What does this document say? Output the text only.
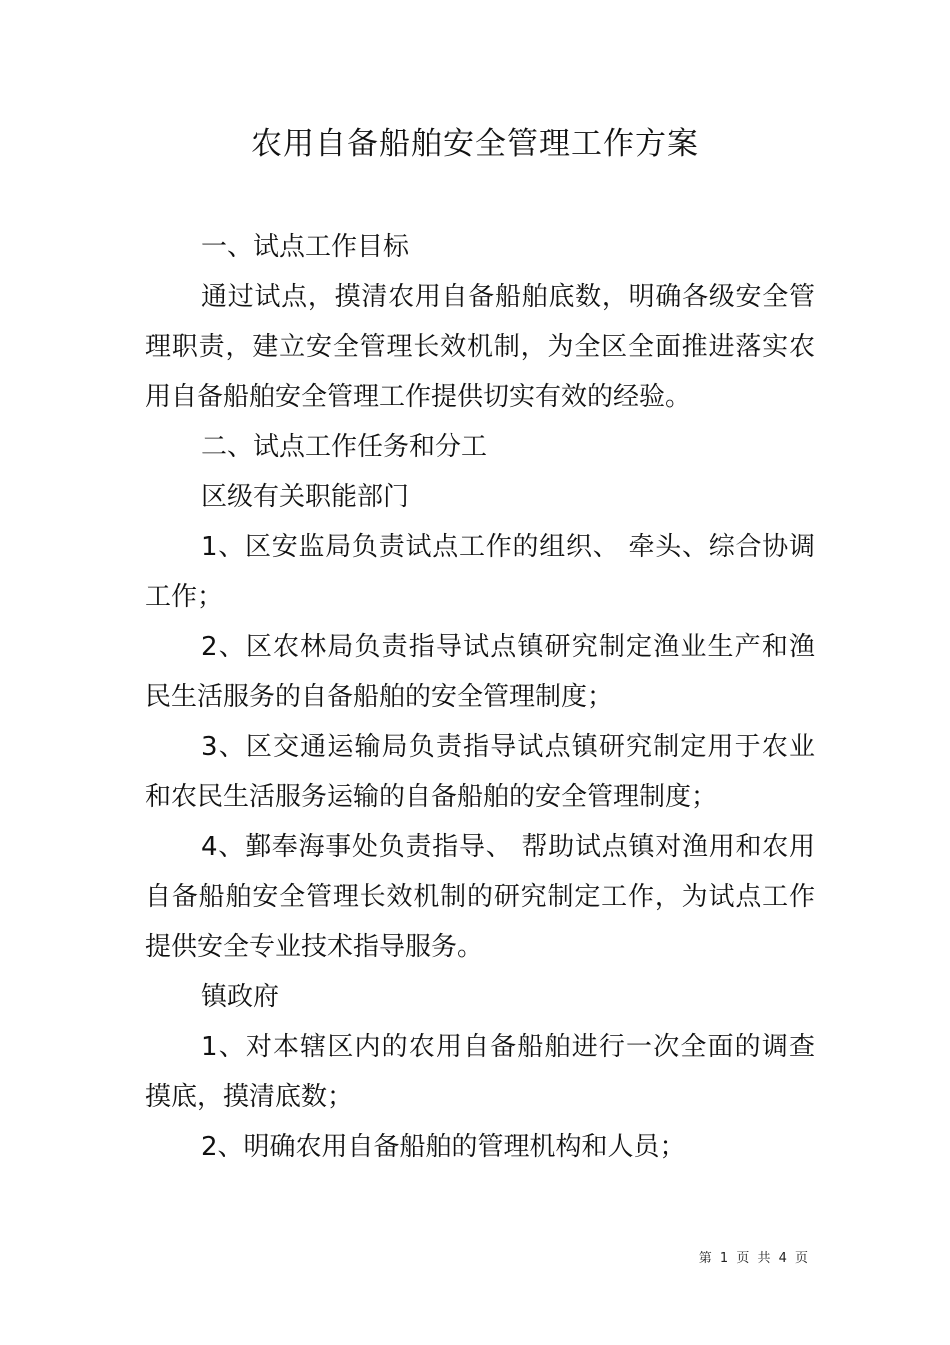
农用自备船舶安全管理工作方案

一、试点工作目标

通过试点，摸清农用自备船舶底数，明确各级安全管理职责，建立安全管理长效机制，为全区全面推进落实农用自备船舶安全管理工作提供切实有效的经验。

二、试点工作任务和分工

区级有关职能部门

1、区安监局负责试点工作的组织、 牵头、综合协调工作；

2、区农林局负责指导试点镇研究制定渔业生产和渔民生活服务的自备船舶的安全管理制度；

3、区交通运输局负责指导试点镇研究制定用于农业和农民生活服务运输的自备船舶的安全管理制度；

4、鄞奉海事处负责指导、 帮助试点镇对渔用和农用自备船舶安全管理长效机制的研究制定工作，为试点工作提供安全专业技术指导服务。

镇政府

1、对本辖区内的农用自备船舶进行一次全面的调查摸底，摸清底数；

2、明确农用自备船舶的管理机构和人员；

第 1 页 共 4 页
